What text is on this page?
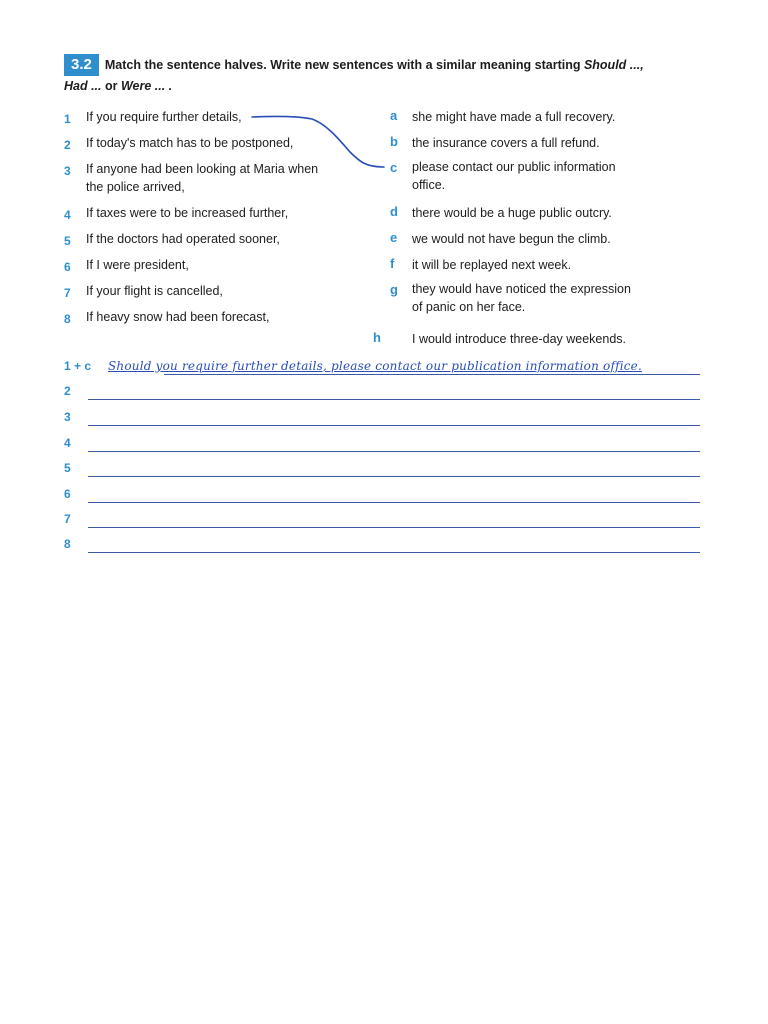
3.2 Match the sentence halves. Write new sentences with a similar meaning starting Should ...,
Had ... or Were ... .
1 If you require further details,
2 If today's match has to be postponed,
3 If anyone had been looking at Maria when
the police arrived,
4 If taxes were to be increased further,
5 If the doctors had operated sooner,
6 If I were president,
7 If your flight is cancelled,
8 If heavy snow had been forecast,
a she might have made a full recovery.
b the insurance covers a full refund.
c please contact our public information
office.
d there would be a huge public outcry.
e we would not have begun the climb.
f it will be replayed next week.
g they would have noticed the expression
of panic on her face.
h I would introduce three-day weekends.
1 + c Should you require further details, please contact our publication information office.
2
3
4
5
6
7
8
